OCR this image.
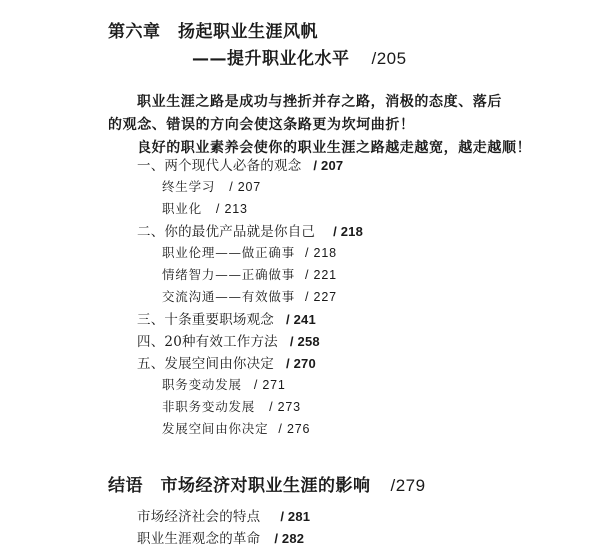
第六章　扬起职业生涯风帆
——提升职业化水平 /205
职业生涯之路是成功与挫折并存之路，消极的态度、落后
的观念、错误的方向会使这条路更为坎坷曲折！
良好的职业素养会使你的职业生涯之路越走越宽，越走越顺！
一、两个现代人必备的观念 / 207
终生学习 / 207
职业化 / 213
二、你的最优产品就是你自己 / 218
职业伦理——做正确事 / 218
情绪智力——正确做事 / 221
交流沟通——有效做事 / 227
三、十条重要职场观念 / 241
四、20种有效工作方法 / 258
五、发展空间由你决定 / 270
职务变动发展 / 271
非职务变动发展 / 273
发展空间由你决定 / 276
结语　市场经济对职业生涯的影响 /279
市场经济社会的特点 / 281
职业生涯观念的革命 / 282
